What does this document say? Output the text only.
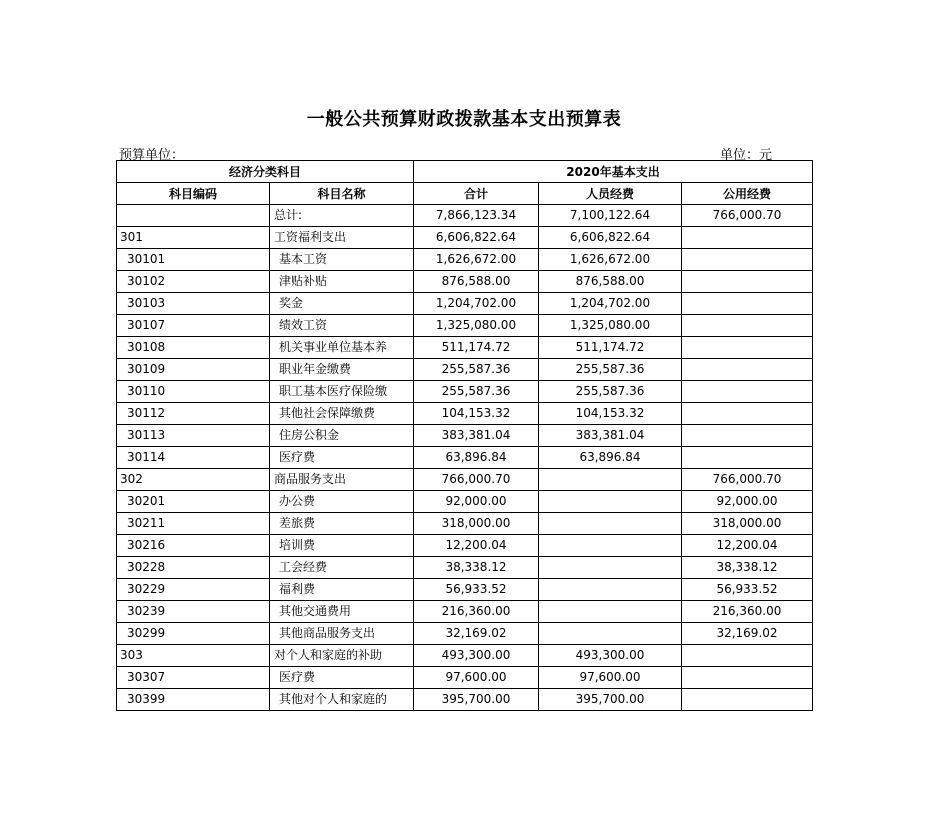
一般公共预算财政拨款基本支出预算表
预算单位：	单位：元
经济分类科目		2020年基本支出		
科目编码	科目名称	合计	人员经费	公用经费
	总计:	7,866,123.34	7,100,122.64	766,000.70
301	工资福利支出	6,606,822.64	6,606,822.64	
30101	基本工资	1,626,672.00	1,626,672.00	
30102	津贴补贴	876,588.00	876,588.00	
30103	奖金	1,204,702.00	1,204,702.00	
30107	绩效工资	1,325,080.00	1,325,080.00	
30108	机关事业单位基本养	511,174.72	511,174.72	
30109	职业年金缴费	255,587.36	255,587.36	
30110	职工基本医疗保险缴	255,587.36	255,587.36	
30112	其他社会保障缴费	104,153.32	104,153.32	
30113	住房公积金	383,381.04	383,381.04	
30114	医疗费	63,896.84	63,896.84	
302	商品服务支出	766,000.70		766,000.70
30201	办公费	92,000.00		92,000.00
30211	差旅费	318,000.00		318,000.00
30216	培训费	12,200.04		12,200.04
30228	工会经费	38,338.12		38,338.12
30229	福利费	56,933.52		56,933.52
30239	其他交通费用	216,360.00		216,360.00
30299	其他商品服务支出	32,169.02		32,169.02
303	对个人和家庭的补助	493,300.00	493,300.00	
30307	医疗费	97,600.00	97,600.00	
30399	其他对个人和家庭的	395,700.00	395,700.00	
